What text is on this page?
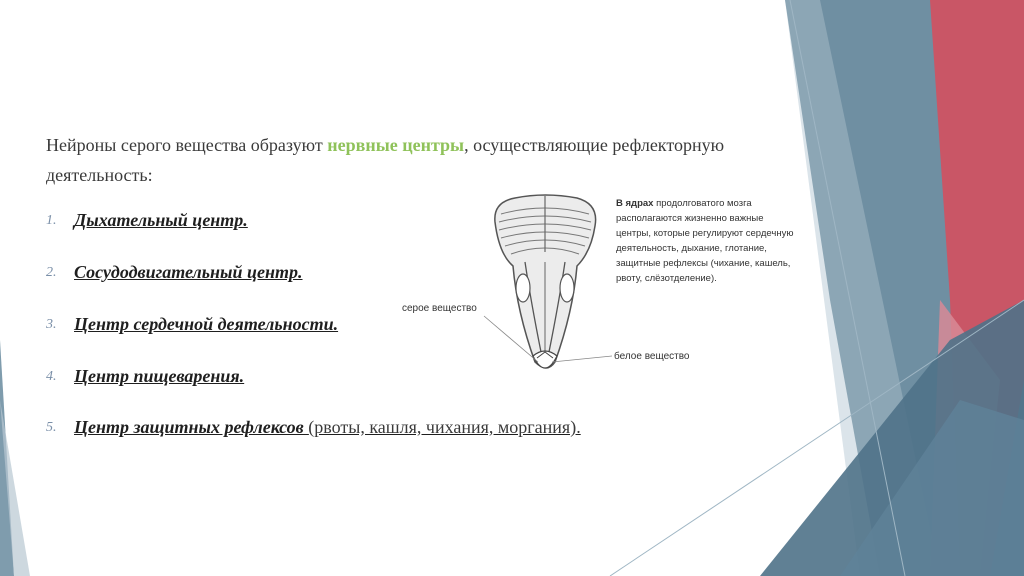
Нейроны серого вещества образуют нервные центры, осуществляющие рефлекторную деятельность:

1. Дыхательный центр.
2. Сосудодвигательный центр.
3. Центр сердечной деятельности.
4. Центр пищеварения.
5. Центр защитных рефлексов (рвоты, кашля, чихания, моргания).
серое вещество
белое вещество
В ядрах продолговатого мозга располагаются жизненно важные центры, которые регулируют сердечную деятельность, дыхание, глотание, защитные рефлексы (чихание, кашель, рвоту, слёзотделение).
